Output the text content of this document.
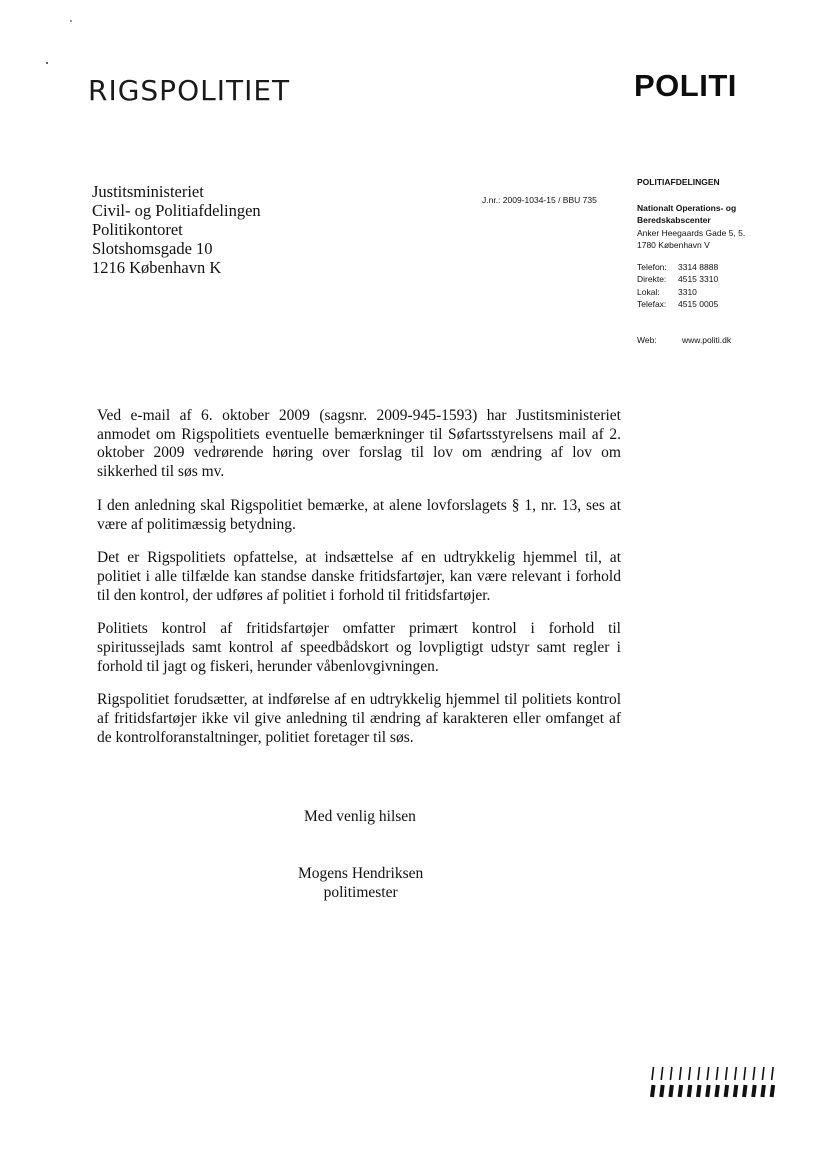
RIGSPOLITIET	POLITI
Justitsministeriet
Civil- og Politiafdelingen
Politikontoret
Slotshomsgade 10
1216 København K
J.nr.: 2009-1034-15 / BBU 735
POLITIAFDELINGEN
Nationalt Operations- og
Beredskabscenter
Anker Heegaards Gade 5, 5.
1780 København V
Telefon:	3314 8888
Direkte:	4515 3310
Lokal:	3310
Telefax:	4515 0005
Web:	www.politi.dk

Ved e-mail af 6. oktober 2009 (sagsnr. 2009-945-1593) har Justitsministeriet anmodet om Rigspolitiets eventuelle bemærkninger til Søfartsstyrelsens mail af 2. oktober 2009 vedrørende høring over forslag til lov om ændring af lov om sikkerhed til søs mv.

I den anledning skal Rigspolitiet bemærke, at alene lovforslagets § 1, nr. 13, ses at være af politimæssig betydning.

Det er Rigspolitiets opfattelse, at indsættelse af en udtrykkelig hjemmel til, at politiet i alle tilfælde kan standse danske fritidsfartøjer, kan være relevant i forhold til den kontrol, der udføres af politiet i forhold til fritidsfartøjer.

Politiets kontrol af fritidsfartøjer omfatter primært kontrol i forhold til spiritussejlads samt kontrol af speedbådskort og lovpligtigt udstyr samt regler i forhold til jagt og fiskeri, herunder våbenlovgivningen.

Rigspolitiet forudsætter, at indførelse af en udtrykkelig hjemmel til politiets kontrol af fritidsfartøjer ikke vil give anledning til ændring af karakteren eller omfanget af de kontrolforanstaltninger, politiet foretager til søs.

Med venlig hilsen
Mogens Hendriksen
politimester
